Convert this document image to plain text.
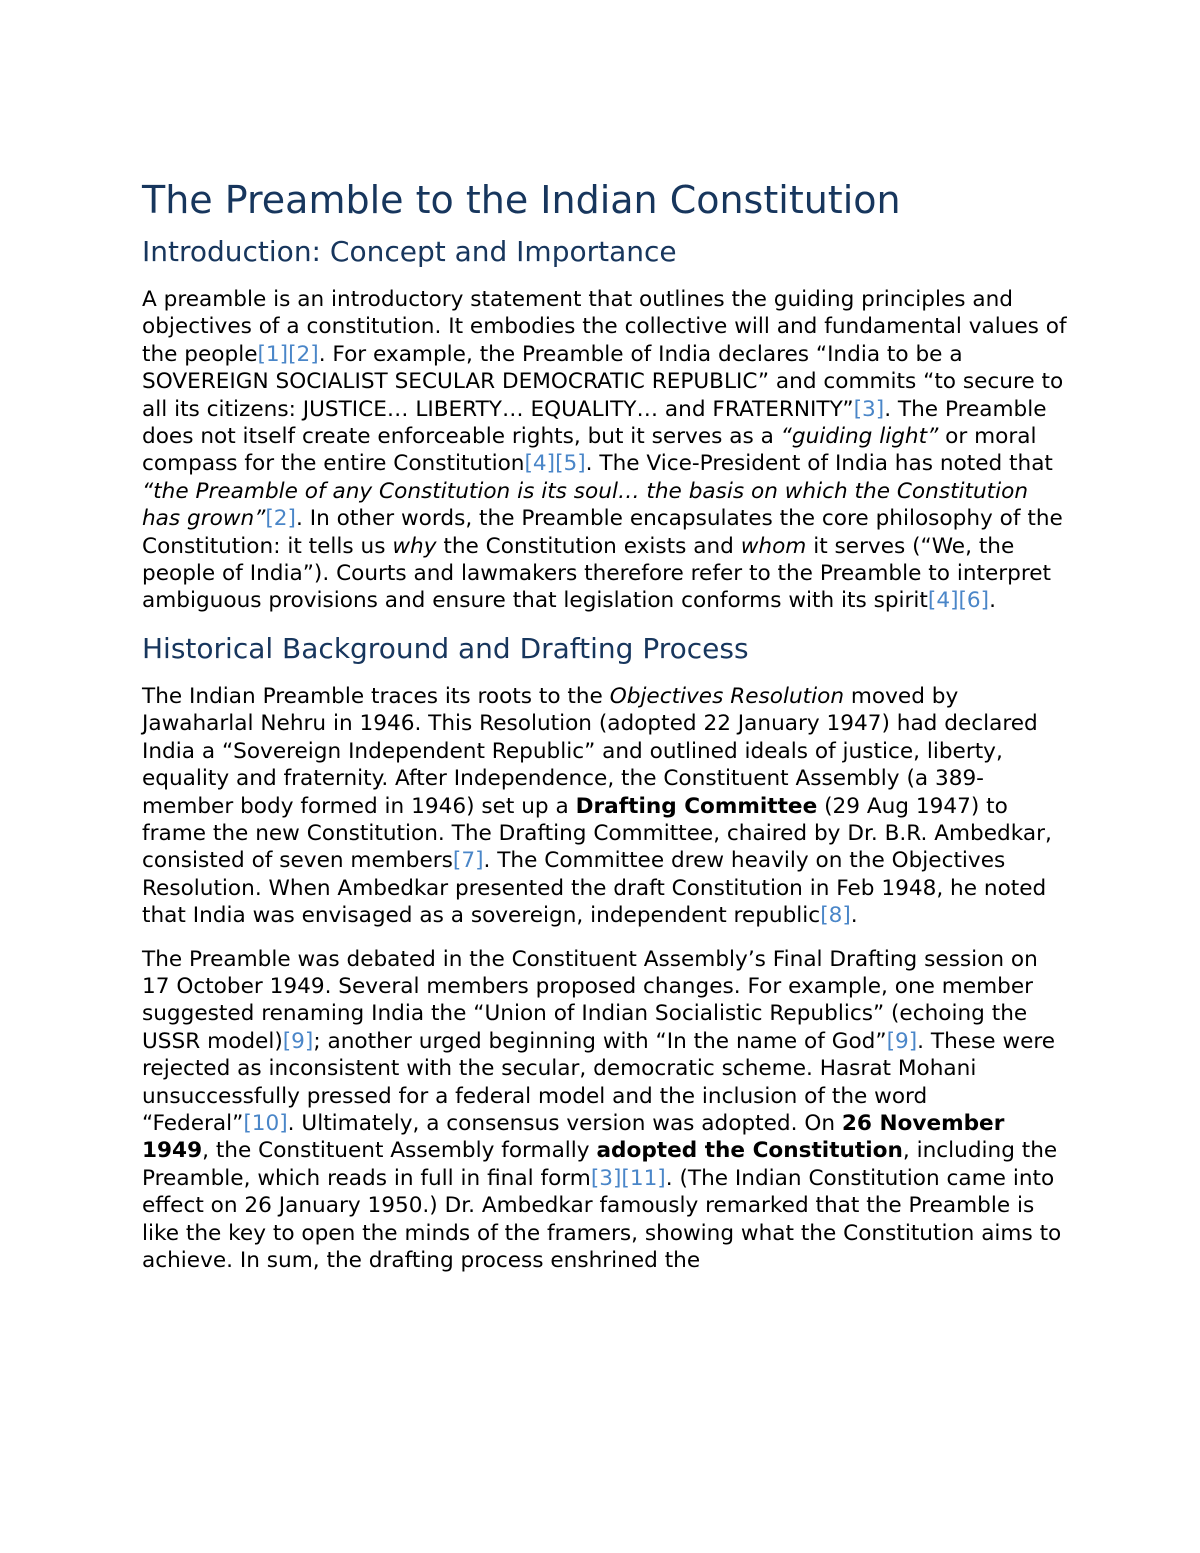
The Preamble to the Indian Constitution
Introduction: Concept and Importance

A preamble is an introductory statement that outlines the guiding principles and objectives of a constitution. It embodies the collective will and fundamental values of the people[1][2]. For example, the Preamble of India declares “India to be a SOVEREIGN SOCIALIST SECULAR DEMOCRATIC REPUBLIC” and commits “to secure to all its citizens: JUSTICE… LIBERTY… EQUALITY… and FRATERNITY”[3]. The Preamble does not itself create enforceable rights, but it serves as a “guiding light” or moral compass for the entire Constitution[4][5]. The Vice-President of India has noted that “the Preamble of any Constitution is its soul… the basis on which the Constitution has grown”[2]. In other words, the Preamble encapsulates the core philosophy of the Constitution: it tells us why the Constitution exists and whom it serves (“We, the people of India”). Courts and lawmakers therefore refer to the Preamble to interpret ambiguous provisions and ensure that legislation conforms with its spirit[4][6].

Historical Background and Drafting Process

The Indian Preamble traces its roots to the Objectives Resolution moved by Jawaharlal Nehru in 1946. This Resolution (adopted 22 January 1947) had declared India a “Sovereign Independent Republic” and outlined ideals of justice, liberty, equality and fraternity. After Independence, the Constituent Assembly (a 389-member body formed in 1946) set up a Drafting Committee (29 Aug 1947) to frame the new Constitution. The Drafting Committee, chaired by Dr. B.R. Ambedkar, consisted of seven members[7]. The Committee drew heavily on the Objectives Resolution. When Ambedkar presented the draft Constitution in Feb 1948, he noted that India was envisaged as a sovereign, independent republic[8].

The Preamble was debated in the Constituent Assembly’s Final Drafting session on 17 October 1949. Several members proposed changes. For example, one member suggested renaming India the “Union of Indian Socialistic Republics” (echoing the USSR model)[9]; another urged beginning with “In the name of God”[9]. These were rejected as inconsistent with the secular, democratic scheme. Hasrat Mohani unsuccessfully pressed for a federal model and the inclusion of the word “Federal”[10]. Ultimately, a consensus version was adopted. On 26 November 1949, the Constituent Assembly formally adopted the Constitution, including the Preamble, which reads in full in final form[3][11]. (The Indian Constitution came into effect on 26 January 1950.) Dr. Ambedkar famously remarked that the Preamble is like the key to open the minds of the framers, showing what the Constitution aims to achieve. In sum, the drafting process enshrined the
